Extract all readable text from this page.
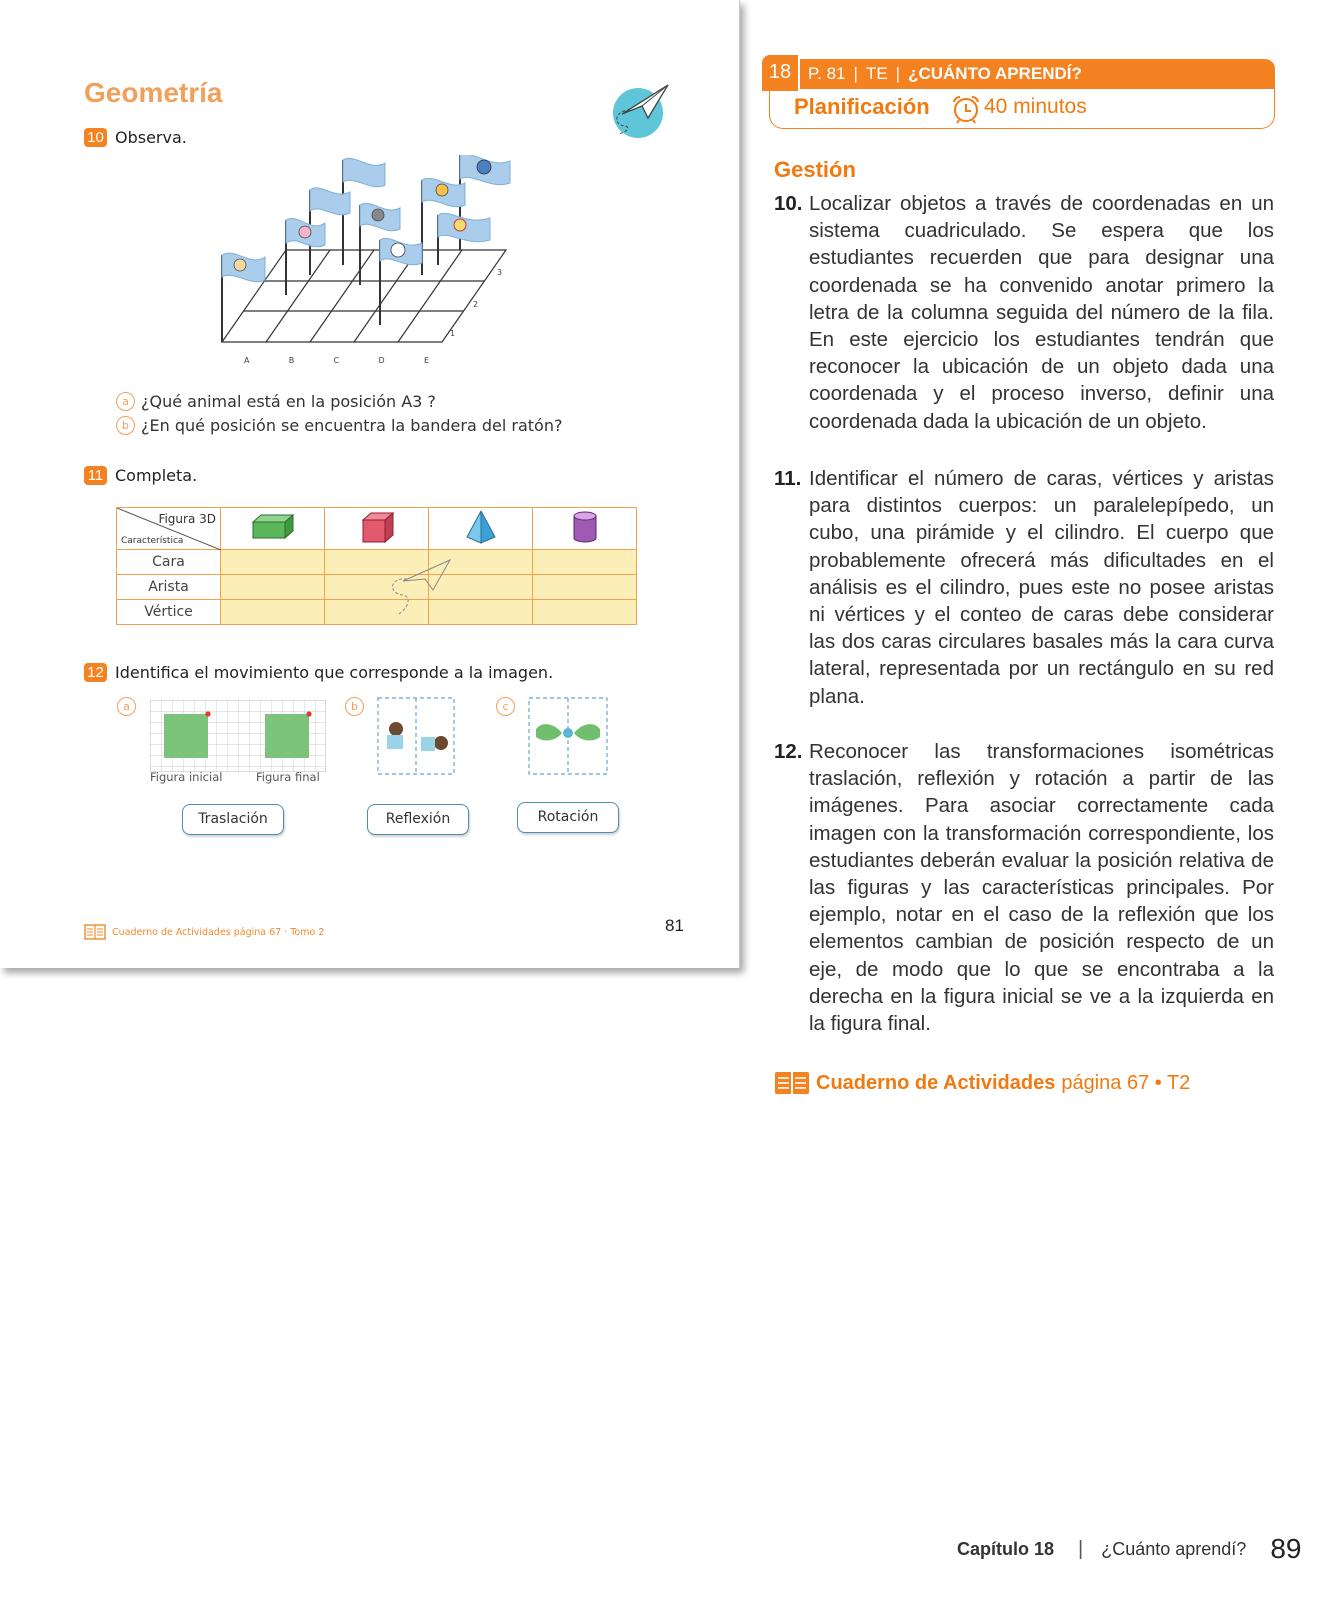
Geometría
10 Observa.
A	B	C	D	E
1
2
3
a ¿Qué animal está en la posición A3 ?
b ¿En qué posición se encuentra la bandera del ratón?
11 Completa.
Figura 3D
Característica

Cara				
Arista				
Vértice				
12 Identifica el movimiento que corresponde a la imagen.
a	b	c
Figura inicial	Figura final
Traslación	Reflexión	Rotación
Cuaderno de Actividades página 67 · Tomo 2	81
18 P. 81 | TE | ¿CUÁNTO APRENDÍ?
Planificación	40 minutos
Gestión
10. Localizar objetos a través de coordenadas en un sistema cuadriculado. Se espera que los estudiantes recuerden que para designar una coordenada se ha convenido anotar primero la letra de la columna seguida del número de la fila. En este ejercicio los estudiantes tendrán que reconocer la ubicación de un objeto dada una coordenada y el proceso inverso, definir una coordenada dada la ubicación de un objeto.
11. Identificar el número de caras, vértices y aristas para distintos cuerpos: un paralelepípedo, un cubo, una pirámide y el cilindro. El cuerpo que probablemente ofrecerá más dificultades en el análisis es el cilindro, pues este no posee aristas ni vértices y el conteo de caras debe considerar las dos caras circulares basales más la cara curva lateral, representada por un rectángulo en su red plana.
12. Reconocer las transformaciones isométricas traslación, reflexión y rotación a partir de las imágenes. Para asociar correctamente cada imagen con la transformación correspondiente, los estudiantes deberán evaluar la posición relativa de las figuras y las características principales. Por ejemplo, notar en el caso de la reflexión que los elementos cambian de posición respecto de un eje, de modo que lo que se encontraba a la derecha en la figura inicial se ve a la izquierda en la figura final.
Cuaderno de Actividades página 67 • T2
Capítulo 18 | ¿Cuánto aprendí? 89
